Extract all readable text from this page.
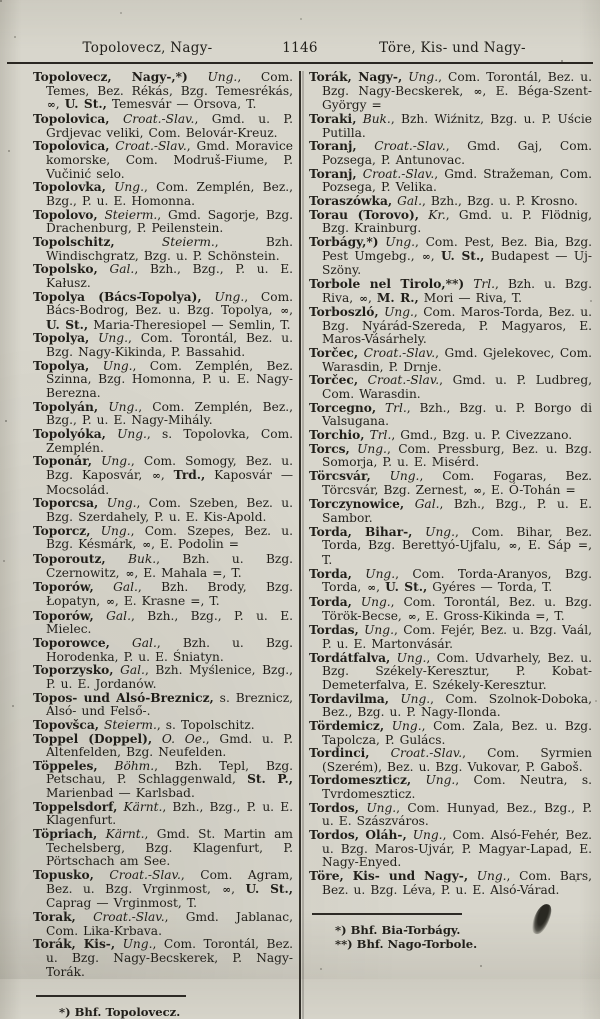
Topolovecz, Nagy-	1146	Töre, Kis- und Nagy-
Topolovecz, Nagy-,*) Ung., Com. Temes, Bez. Rékás, Bzg. Temesrékás, ∞, U. St., Temesvár — Orsova, T.
Topolovica, Croat.-Slav., Gmd. u. P. Grdjevac veliki, Com. Belovár-Kreuz.
Topolovica, Croat.-Slav., Gmd. Moravice komorske, Com. Modruš-Fiume, P. Vučinić selo.
Topolovka, Ung., Com. Zemplén, Bez., Bzg., P. u. E. Homonna.
Topolovo, Steierm., Gmd. Sagorje, Bzg. Drachenburg, P. Peilenstein.
Topolschitz, Steierm., Bzh. Windischgratz, Bzg. u. P. Schönstein.
Topolsko, Gal., Bzh., Bzg., P. u. E. Kałusz.
Topolya (Bács-Topolya), Ung., Com. Bács-Bodrog, Bez. u. Bzg. Topolya, ∞, U. St., Maria-Theresiopel — Semlin, T.
Topolya, Ung., Com. Torontál, Bez. u. Bzg. Nagy-Kikinda, P. Bassahid.
Topolya, Ung., Com. Zemplén, Bez. Szinna, Bzg. Homonna, P. u. E. Nagy-Berezna.
Topolyán, Ung., Com. Zemplén, Bez., Bzg., P. u. E. Nagy-Mihály.
Topolyóka, Ung., s. Topolovka, Com. Zemplén.
Toponár, Ung., Com. Somogy, Bez. u. Bzg. Kaposvár, ∞, Trd., Kaposvár — Mocsolád.
Toporcsa, Ung., Com. Szeben, Bez. u. Bzg. Szerdahely, P. u. E. Kis-Apold.
Toporcz, Ung., Com. Szepes, Bez. u. Bzg. Késmárk, ∞, E. Podolin =
Toporoutz, Buk., Bzh. u. Bzg. Czernowitz, ∞, E. Mahala =, T.
Toporów, Gal., Bzh. Brody, Bzg. Łopatyn, ∞, E. Krasne =, T.
Toporów, Gal., Bzh., Bzg., P. u. E. Mielec.
Toporowce, Gal., Bzh. u. Bzg. Horodenka, P. u. E. Śniatyn.
Toporzysko, Gal., Bzh. Myślenice, Bzg., P. u. E. Jordanów.
Topos- und Alsó-Breznicz, s. Breznicz, Alsó- und Felső-.
Topovšca, Steierm., s. Topolschitz.
Toppel (Doppel), O. Oe., Gmd. u. P. Altenfelden, Bzg. Neufelden.
Töppeles, Böhm., Bzh. Tepl, Bzg. Petschau, P. Schlaggenwald, St. P., Marienbad — Karlsbad.
Toppelsdorf, Kärnt., Bzh., Bzg., P. u. E. Klagenfurt.
Töpriach, Kärnt., Gmd. St. Martin am Techelsberg, Bzg. Klagenfurt, P. Pörtschach am See.
Topusko, Croat.-Slav., Com. Agram, Bez. u. Bzg. Vrginmost, ∞, U. St., Caprag — Vrginmost, T.
Torak, Croat.-Slav., Gmd. Jablanac, Com. Lika-Krbava.
Torák, Kis-, Ung., Com. Torontál, Bez. u. Bzg. Nagy-Becskerek, P. Nagy-Torák.
*) Bhf. Topolovecz.
Torák, Nagy-, Ung., Com. Torontál, Bez. u. Bzg. Nagy-Becskerek, ∞, E. Béga-Szent-György =
Toraki, Buk., Bzh. Wiźnitz, Bzg. u. P. Uście Putilla.
Toranj, Croat.-Slav., Gmd. Gaj, Com. Pozsega, P. Antunovac.
Toranj, Croat.-Slav., Gmd. Stražeman, Com. Pozsega, P. Velika.
Toraszówka, Gal., Bzh., Bzg. u. P. Krosno.
Torau (Torovo), Kr., Gmd. u. P. Flödnig, Bzg. Krainburg.
Torbágy,*) Ung., Com. Pest, Bez. Bia, Bzg. Pest Umgebg., ∞, U. St., Budapest — Uj-Szöny.
Torbole nel Tirolo,**) Trl., Bzh. u. Bzg. Riva, ∞, M. R., Mori — Riva, T.
Torboszló, Ung., Com. Maros-Torda, Bez. u. Bzg. Nyárád-Szereda, P. Magyaros, E. Maros-Vásárhely.
Torčec, Croat.-Slav., Gmd. Gjelekovec, Com. Warasdin, P. Drnje.
Torčec, Croat.-Slav., Gmd. u. P. Ludbreg, Com. Warasdin.
Torcegno, Trl., Bzh., Bzg. u. P. Borgo di Valsugana.
Torchio, Trl., Gmd., Bzg. u. P. Civezzano.
Torcs, Ung., Com. Pressburg, Bez. u. Bzg. Somorja, P. u. E. Misérd.
Törcsvár, Ung., Com. Fogaras, Bez. Törcsvár, Bzg. Zernest, ∞, E. Ó-Tohán =
Torczynowice, Gal., Bzh., Bzg., P. u. E. Sambor.
Torda, Bihar-, Ung., Com. Bihar, Bez. Torda, Bzg. Berettyó-Ujfalu, ∞, E. Sáp =, T.
Torda, Ung., Com. Torda-Aranyos, Bzg. Torda, ∞, U. St., Gyéres — Torda, T.
Torda, Ung., Com. Torontál, Bez. u. Bzg. Török-Becse, ∞, E. Gross-Kikinda =, T.
Tordas, Ung., Com. Fejér, Bez. u. Bzg. Vaál, P. u. E. Martonvásár.
Tordátfalva, Ung., Com. Udvarhely, Bez. u. Bzg. Székely-Keresztur, P. Kobat-Demeterfalva, E. Székely-Keresztur.
Tordavilma, Ung., Com. Szolnok-Doboka, Bez., Bzg. u. P. Nagy-Ilonda.
Tördemicz, Ung., Com. Zala, Bez. u. Bzg. Tapolcza, P. Gulács.
Tordinci, Croat.-Slav., Com. Syrmien (Szerém), Bez. u. Bzg. Vukovar, P. Gaboš.
Tordomeszticz, Ung., Com. Neutra, s. Tvrdomeszticz.
Tordos, Ung., Com. Hunyad, Bez., Bzg., P. u. E. Szászváros.
Tordos, Oláh-, Ung., Com. Alsó-Fehér, Bez. u. Bzg. Maros-Ujvár, P. Magyar-Lapad, E. Nagy-Enyed.
Töre, Kis- und Nagy-, Ung., Com. Bars, Bez. u. Bzg. Léva, P. u. E. Alsó-Várad.
*) Bhf. Bia-Torbágy.
**) Bhf. Nago-Torbole.
